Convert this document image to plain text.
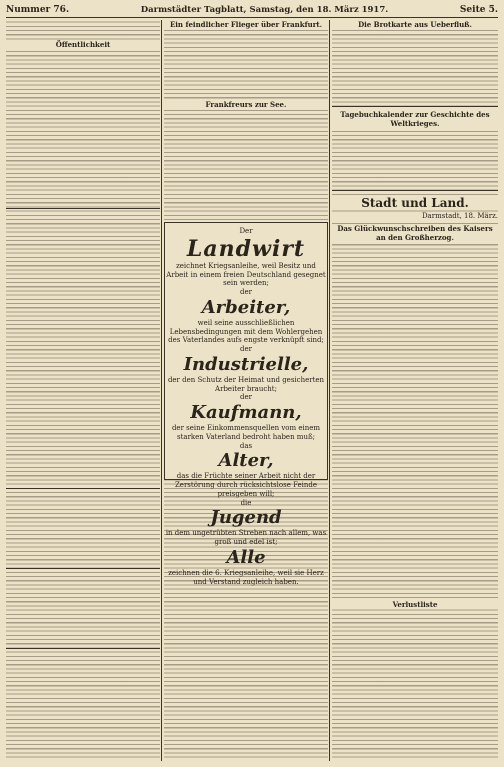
Nummer 76.	Darmstädter Tagblatt, Samstag, den 18. März 1917.	Seite 5.
Öffentlichkeit
Ein feindlicher Flieger über Frankfurt.
Frankfreurs zur See.
Der
Landwirt
zeichnet Kriegsanleihe, weil Besitz und Arbeit in einem freien Deutschland gesegnet sein werden;
der
Arbeiter,
weil seine ausschließlichen Lebensbedingungen mit dem Wohlergehen des Vaterlandes aufs engste verknüpft sind;
der
Industrielle,
der den Schutz der Heimat und gesicherten Arbeiter braucht;
der
Kaufmann,
der seine Einkommensquellen vom einem starken Vaterland bedroht haben muß;
das
Alter,
das die Früchte seiner Arbeit nicht der Zerstörung durch rücksichtslose Feinde preisgeben will;
die
Jugend
in dem ungetrübten Streben nach allem, was groß und edel ist;
Alle
zeichnen die 6. Kriegsanleihe, weil sie Herz und Verstand zugleich haben.
Die Brotkarte aus Ueberfluß.
Tagebuchkalender zur Geschichte des Weltkrieges.
Stadt und Land.
Darmstadt, 18. März.
Das Glückwunschschreiben des Kaisers an den Großherzog.
Verlustliste
